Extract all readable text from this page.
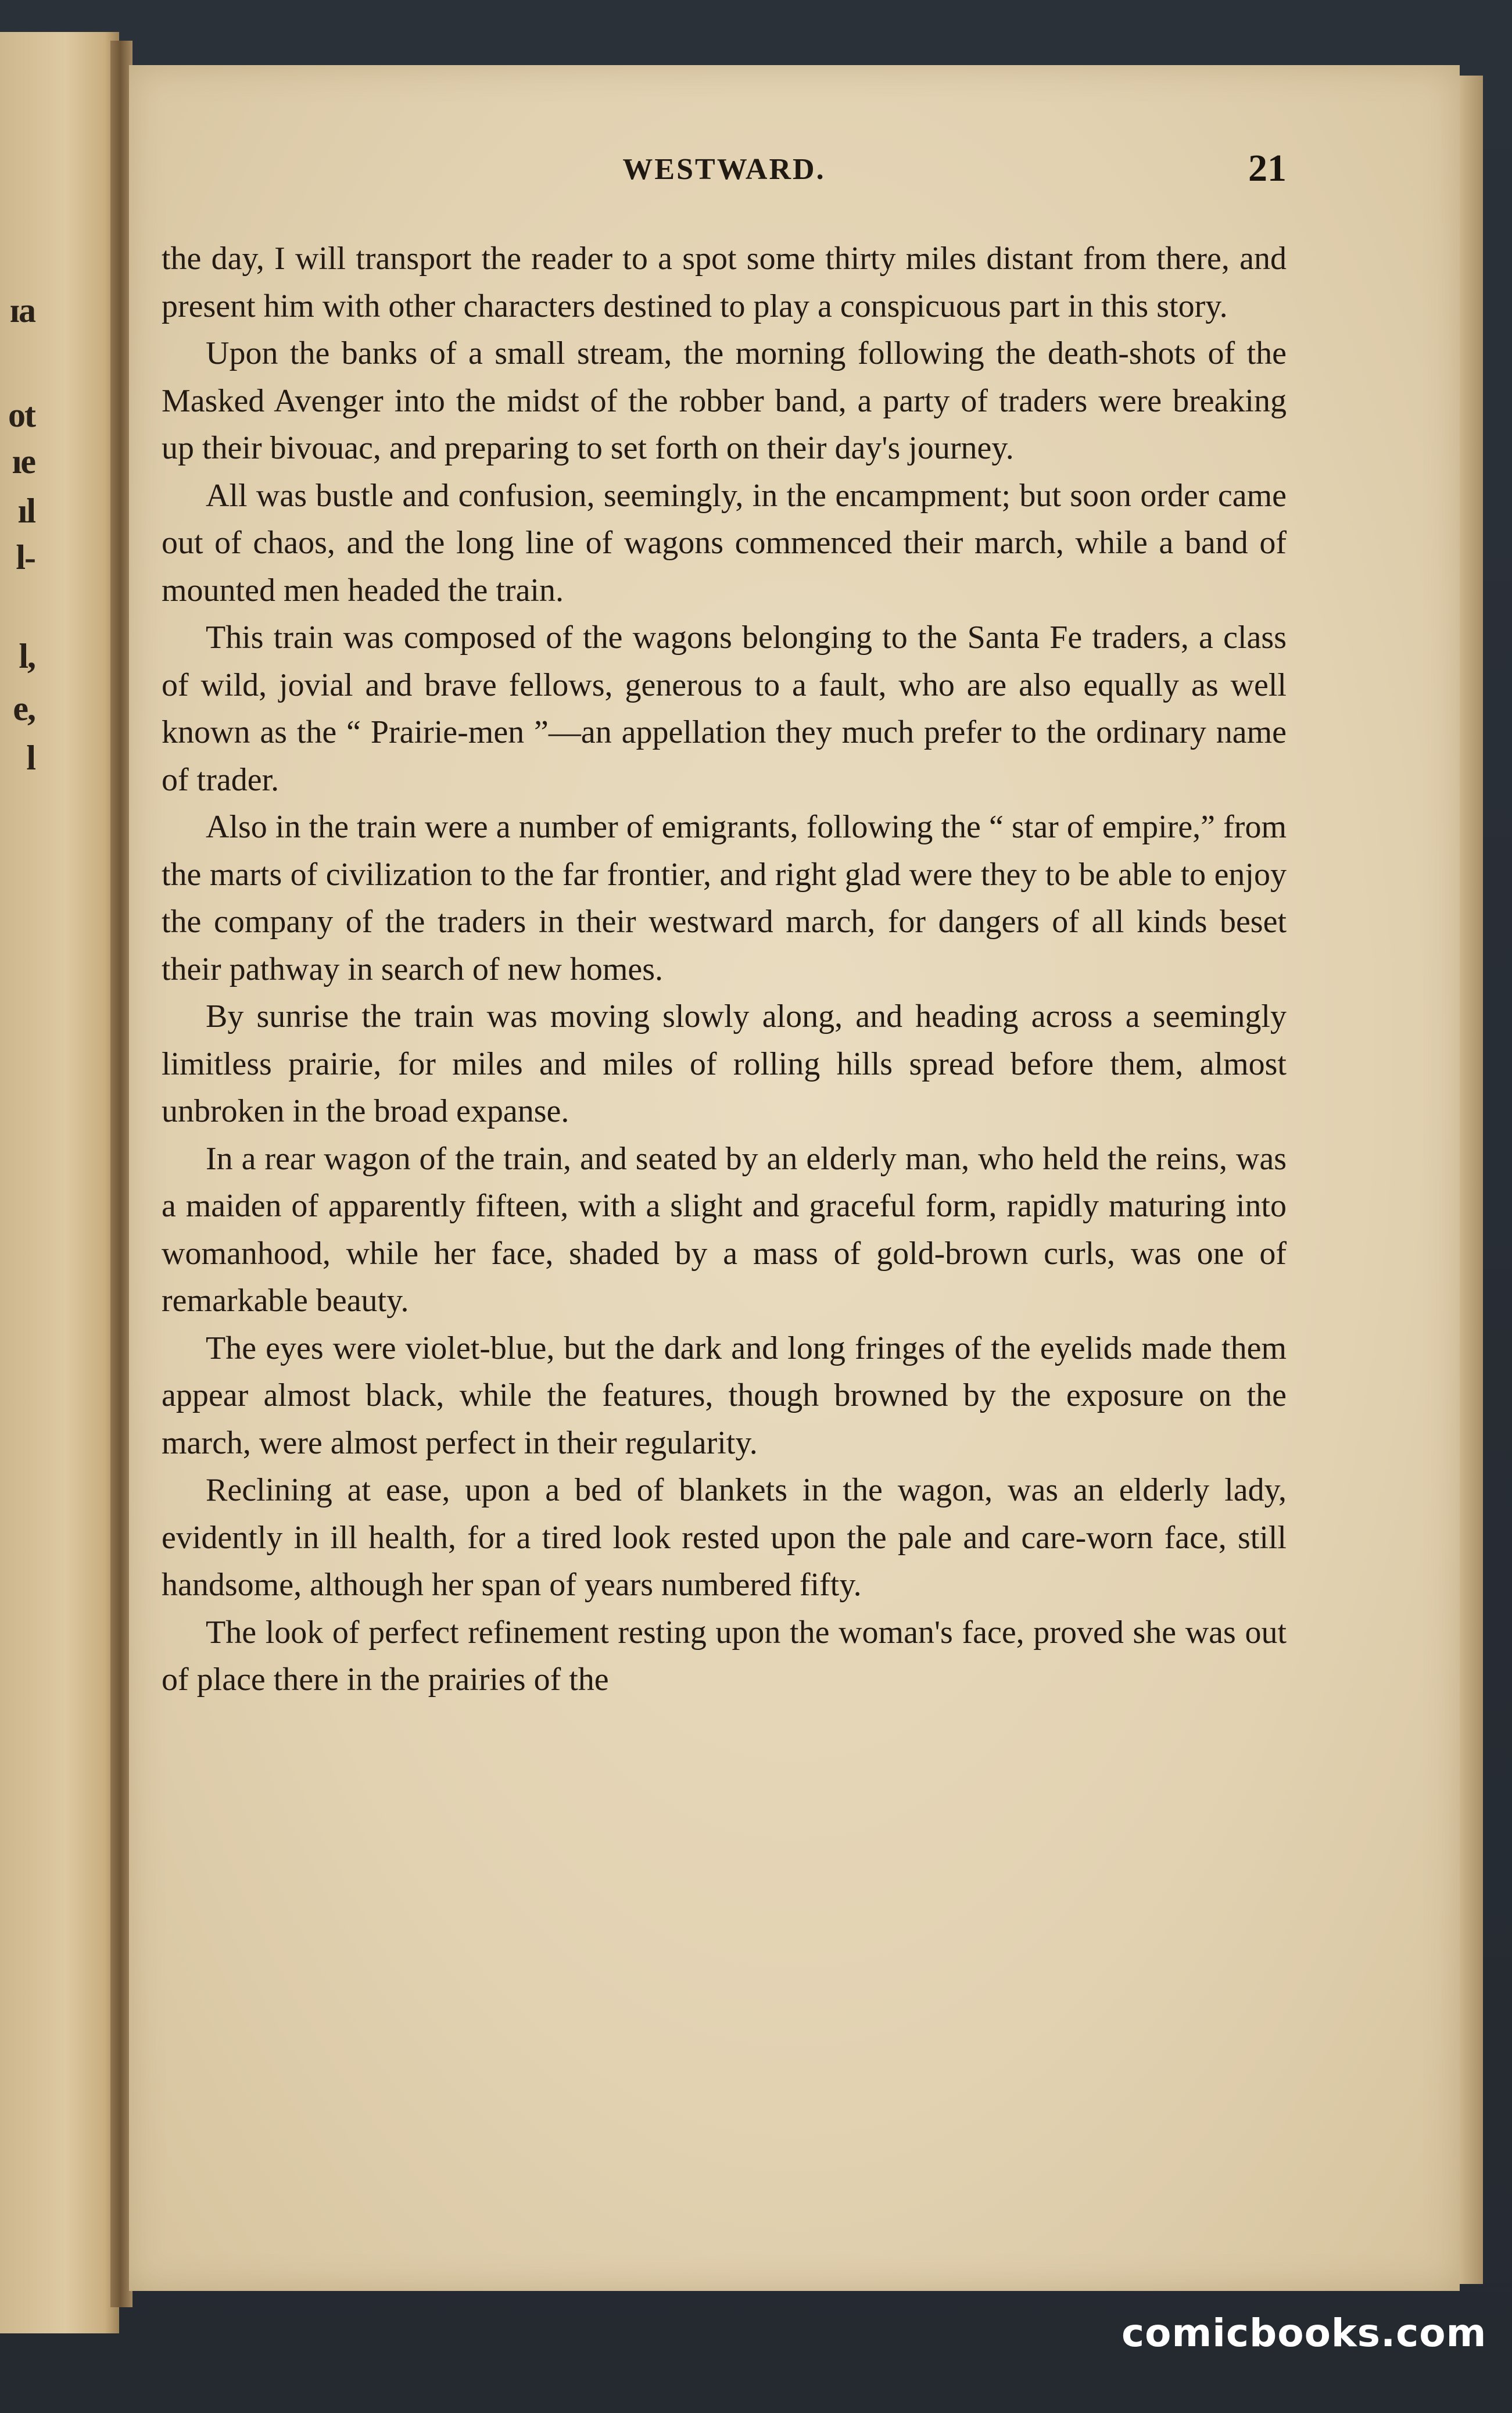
ɪa
ot
ıe
ıl
l-
l,
e,
l
WESTWARD.	21

the day, I will transport the reader to a spot some thirty miles distant from there, and present him with other characters destined to play a conspicuous part in this story.

Upon the banks of a small stream, the morning following the death-shots of the Masked Avenger into the midst of the robber band, a party of traders were breaking up their bivouac, and preparing to set forth on their day's journey.

All was bustle and confusion, seemingly, in the encampment; but soon order came out of chaos, and the long line of wagons commenced their march, while a band of mounted men headed the train.

This train was composed of the wagons belonging to the Santa Fe traders, a class of wild, jovial and brave fellows, generous to a fault, who are also equally as well known as the “ Prairie-men ”—an appellation they much prefer to the ordinary name of trader.

Also in the train were a number of emigrants, following the “ star of empire,” from the marts of civilization to the far frontier, and right glad were they to be able to enjoy the company of the traders in their westward march, for dangers of all kinds beset their pathway in search of new homes.

By sunrise the train was moving slowly along, and heading across a seemingly limitless prairie, for miles and miles of rolling hills spread before them, almost unbroken in the broad expanse.

In a rear wagon of the train, and seated by an elderly man, who held the reins, was a maiden of apparently fifteen, with a slight and graceful form, rapidly maturing into womanhood, while her face, shaded by a mass of gold-brown curls, was one of remarkable beauty.

The eyes were violet-blue, but the dark and long fringes of the eyelids made them appear almost black, while the features, though browned by the exposure on the march, were almost perfect in their regularity.

Reclining at ease, upon a bed of blankets in the wagon, was an elderly lady, evidently in ill health, for a tired look rested upon the pale and care-worn face, still handsome, although her span of years numbered fifty.

The look of perfect refinement resting upon the woman's face, proved she was out of place there in the prairies of the

comicbooks.com
